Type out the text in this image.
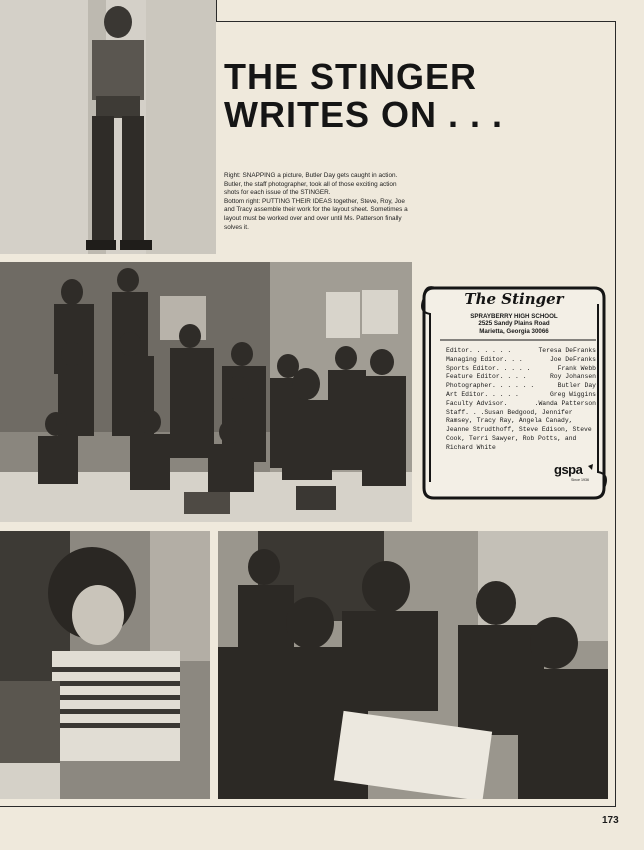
THE STINGER
WRITES ON . . .

Right: SNAPPING a picture, Butler Day gets caught in action. Butler, the staff photographer, took all of those exciting action shots for each issue of the STINGER.

Bottom right: PUTTING THEIR IDEAS together, Steve, Roy, Joe and Tracy assemble their work for the layout sheet. Sometimes a layout must be worked over and over until Ms. Patterson finally solves it.

The Stinger
SPRAYBERRY HIGH SCHOOL
2525 Sandy Plains Road
Marietta, Georgia 30066
Editor. . . . . .	Teresa DeFranks
Managing Editor. . .	Joe DeFranks
Sports Editor. . . . .	Frank Webb
Feature Editor. . . .	Roy Johansen
Photographer. . . . . .	Butler Day
Art Editor. . . . .	Greg Wiggins
Faculty Advisor.	.Wanda Patterson
Staff. . .Susan Bedgood, Jennifer Ramsey, Tracy Ray, Angela Canady, Jeanne Strudthoff, Steve Edison, Steve Cook, Terri Sawyer, Rob Potts, and Richard White
gspa
Since 1936
173
